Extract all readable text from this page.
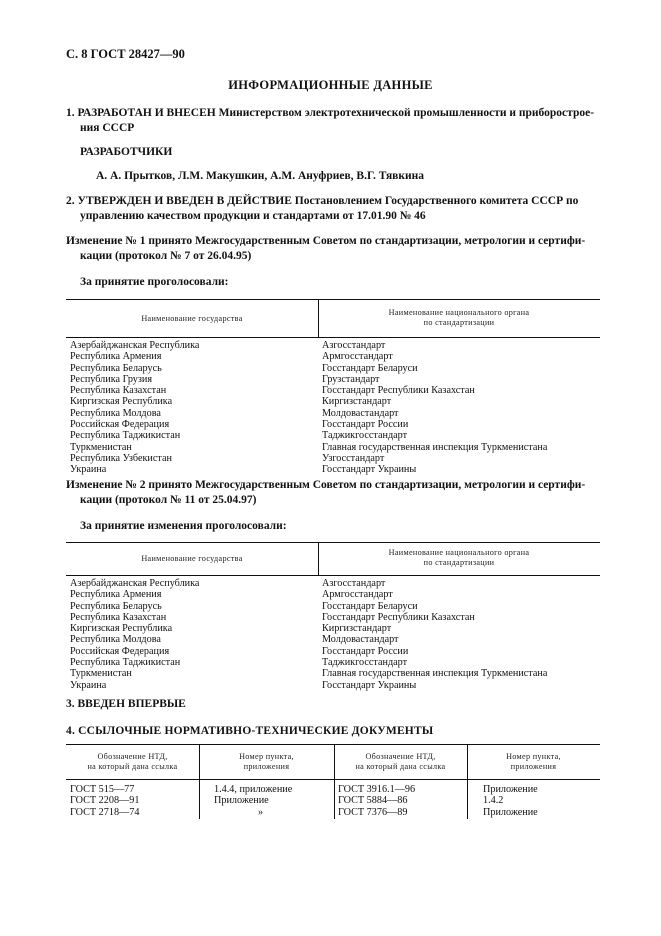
С. 8 ГОСТ 28427—90
ИНФОРМАЦИОННЫЕ ДАННЫЕ
1. РАЗРАБОТАН И ВНЕСЕН Министерством электротехнической промышленности и приборострое-
ния СССР
РАЗРАБОТЧИКИ
А. А. Прытков, Л.М. Макушкин, А.М. Ануфриев, В.Г. Тявкина
2. УТВЕРЖДЕН И ВВЕДЕН В ДЕЙСТВИЕ Постановлением Государственного комитета СССР по
управлению качеством продукции и стандартами от 17.01.90 № 46
Изменение № 1 принято Межгосударственным Советом по стандартизации, метрологии и сертифи-
кации (протокол № 7 от 26.04.95)
За принятие проголосовали:
Наименование государства
Наименование национального органа
по стандартизации
Азербайджанская Республика
Республика Армения
Республика Беларусь
Республика Грузия
Республика Казахстан
Киргизская Республика
Республика Молдова
Российская Федерация
Республика Таджикистан
Туркменистан
Республика Узбекистан
Украина
Азгосстандарт
Армгосстандарт
Госстандарт Беларуси
Грузстандарт
Госстандарт Республики Казахстан
Киргизстандарт
Молдовастандарт
Госстандарт России
Таджикгосстандарт
Главная государственная инспекция Туркменистана
Узгосстандарт
Госстандарт Украины
Изменение № 2 принято Межгосударственным Советом по стандартизации, метрологии и сертифи-
кации (протокол № 11 от 25.04.97)
За принятие изменения проголосовали:
Наименование государства
Наименование национального органа
по стандартизации
Азербайджанская Республика
Республика Армения
Республика Беларусь
Республика Казахстан
Киргизская Республика
Республика Молдова
Российская Федерация
Республика Таджикистан
Туркменистан
Украина
Азгосстандарт
Армгосстандарт
Госстандарт Беларуси
Госстандарт Республики Казахстан
Киргизстандарт
Молдовастандарт
Госстандарт России
Таджикгосстандарт
Главная государственная инспекция Туркменистана
Госстандарт Украины
3. ВВЕДЕН ВПЕРВЫЕ
4. ССЫЛОЧНЫЕ НОРМАТИВНО-ТЕХНИЧЕСКИЕ ДОКУМЕНТЫ
Обозначение НТД,
на который дана ссылка
Номер пункта,
приложения
Обозначение НТД,
на который дана ссылка
Номер пункта,
приложения
ГОСТ 515—77
ГОСТ 2208—91
ГОСТ 2718—74
1.4.4, приложение
Приложение
»
ГОСТ 3916.1—96
ГОСТ 5884—86
ГОСТ 7376—89
Приложение
1.4.2
Приложение
